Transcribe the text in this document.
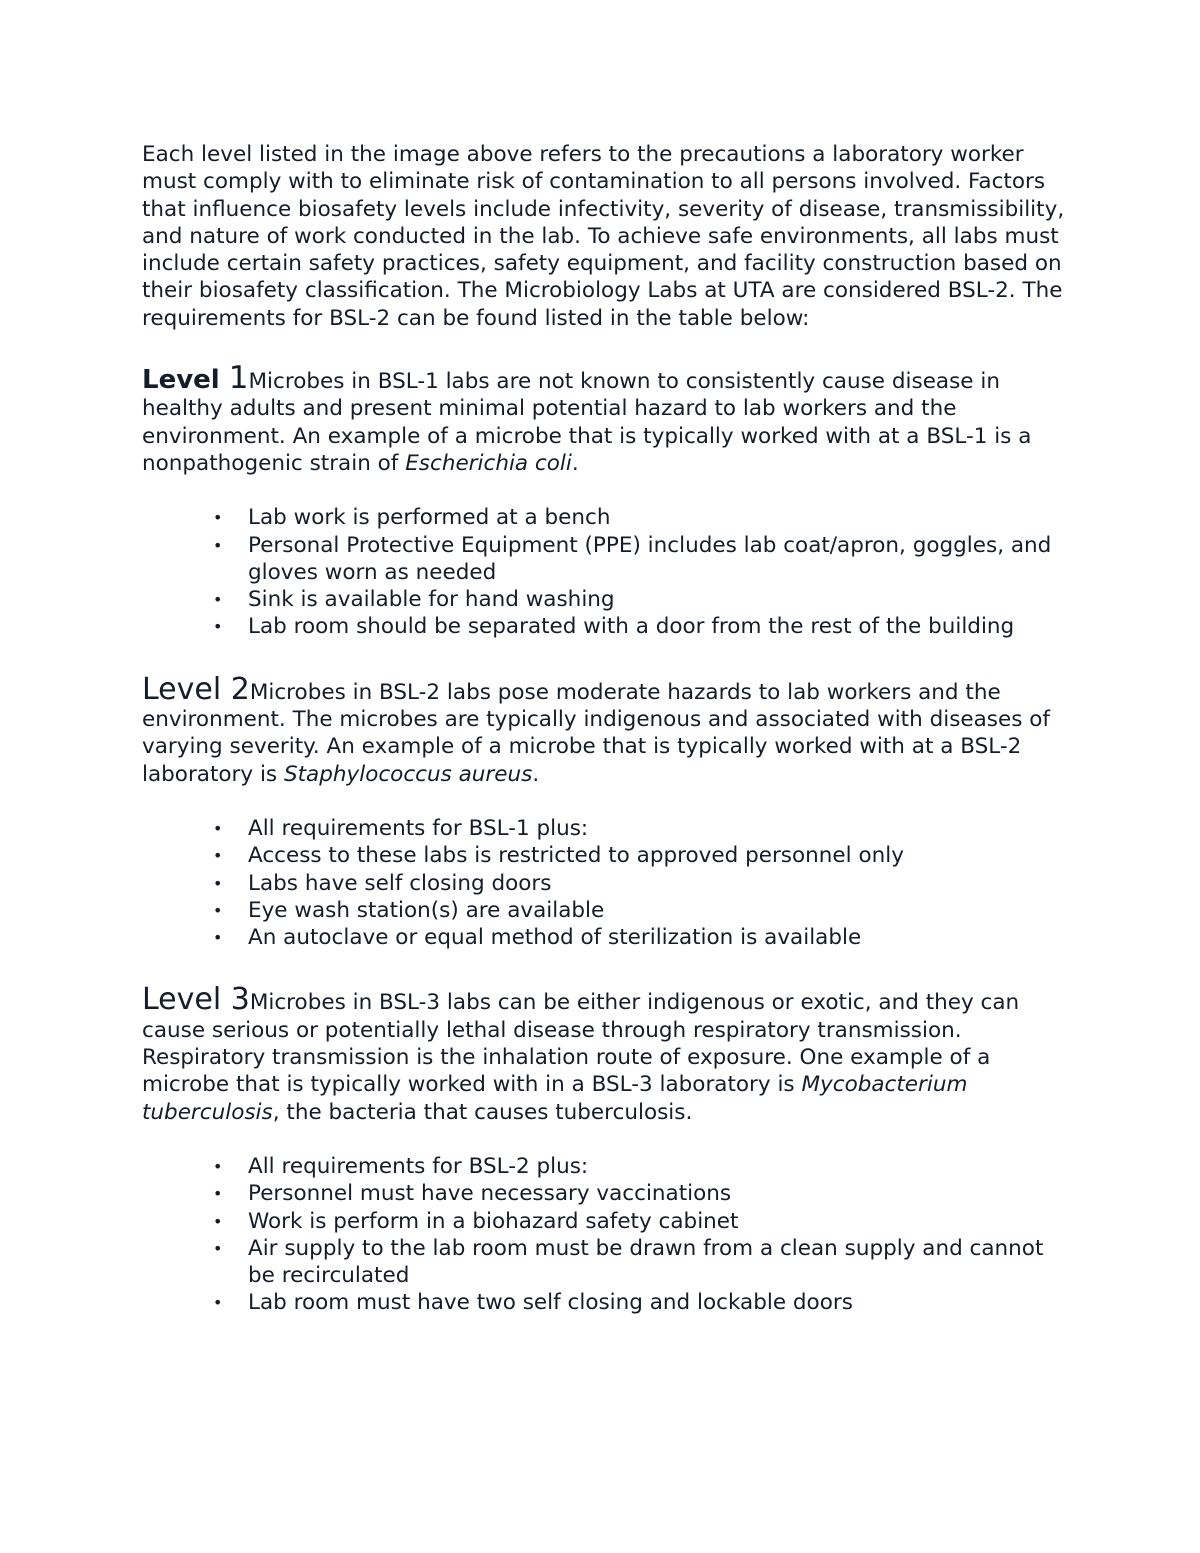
Each level listed in the image above refers to the precautions a laboratory worker must comply with to eliminate risk of contamination to all persons involved. Factors that influence biosafety levels include infectivity, severity of disease, transmissibility, and nature of work conducted in the lab. To achieve safe environments, all labs must include certain safety practices, safety equipment, and facility construction based on their biosafety classification. The Microbiology Labs at UTA are considered BSL-2. The requirements for BSL-2 can be found listed in the table below:

Level 1Microbes in BSL-1 labs are not known to consistently cause disease in healthy adults and present minimal potential hazard to lab workers and the environment. An example of a microbe that is typically worked with at a BSL-1 is a nonpathogenic strain of Escherichia coli.

• Lab work is performed at a bench
• Personal Protective Equipment (PPE) includes lab coat/apron, goggles, and gloves worn as needed
• Sink is available for hand washing
• Lab room should be separated with a door from the rest of the building

Level 2Microbes in BSL-2 labs pose moderate hazards to lab workers and the environment. The microbes are typically indigenous and associated with diseases of varying severity. An example of a microbe that is typically worked with at a BSL-2 laboratory is Staphylococcus aureus.

• All requirements for BSL-1 plus:
• Access to these labs is restricted to approved personnel only
• Labs have self closing doors
• Eye wash station(s) are available
• An autoclave or equal method of sterilization is available

Level 3Microbes in BSL-3 labs can be either indigenous or exotic, and they can cause serious or potentially lethal disease through respiratory transmission. Respiratory transmission is the inhalation route of exposure. One example of a microbe that is typically worked with in a BSL-3 laboratory is Mycobacterium tuberculosis, the bacteria that causes tuberculosis.

• All requirements for BSL-2 plus:
• Personnel must have necessary vaccinations
• Work is perform in a biohazard safety cabinet
• Air supply to the lab room must be drawn from a clean supply and cannot be recirculated
• Lab room must have two self closing and lockable doors
